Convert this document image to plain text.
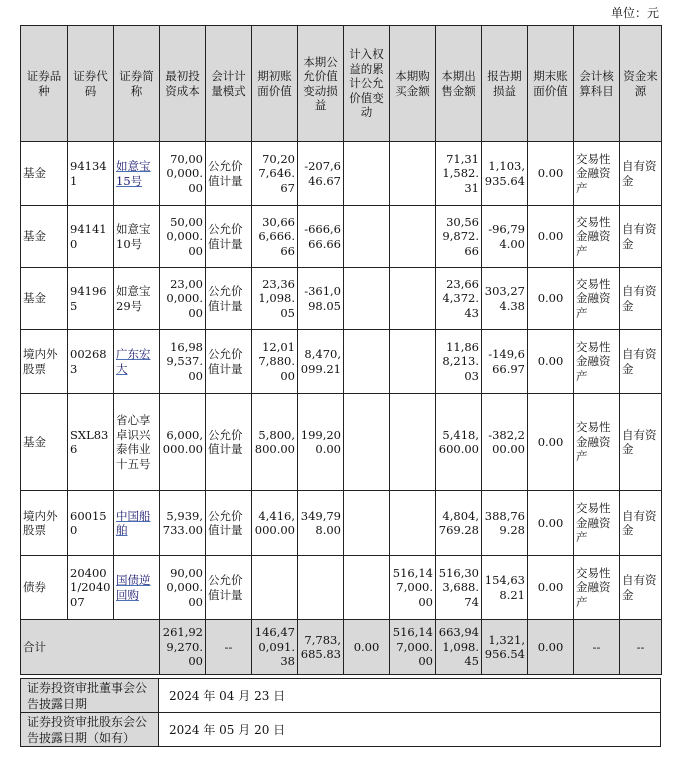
单位：元
证券品种	证券代码	证券简称	最初投资成本	会计计量模式	期初账面价值	本期公允价值变动损益	计入权益的累计公允价值变动	本期购买金额	本期出售金额	报告期损益	期末账面价值	会计核算科目	资金来源
基金	941341	如意宝15号	70,000,000.00	公允价值计量	70,207,646.67	-207,646.67			71,311,582.31	1,103,935.64	0.00	交易性金融资产	自有资金
基金	941410	如意宝10号	50,000,000.00	公允价值计量	30,666,666.66	-666,666.66			30,569,872.66	-96,794.00	0.00	交易性金融资产	自有资金
基金	941965	如意宝29号	23,000,000.00	公允价值计量	23,361,098.05	-361,098.05			23,664,372.43	303,274.38	0.00	交易性金融资产	自有资金
境内外股票	002683	广东宏大	16,989,537.00	公允价值计量	12,017,880.00	8,470,099.21			11,868,213.03	-149,666.97	0.00	交易性金融资产	自有资金
基金	SXL836	省心享卓识兴泰伟业十五号	6,000,000.00	公允价值计量	5,800,800.00	199,200.00			5,418,600.00	-382,200.00	0.00	交易性金融资产	自有资金
境内外股票	600150	中国船舶	5,939,733.00	公允价值计量	4,416,000.00	349,798.00			4,804,769.28	388,769.28	0.00	交易性金融资产	自有资金
债券	204001/204007	国债逆回购	90,000,000.00	公允价值计量				516,147,000.00	516,303,688.74	154,638.21	0.00	交易性金融资产	自有资金
合计			261,929,270.00	--	146,470,091.38	7,783,685.83	0.00	516,147,000.00	663,941,098.45	1,321,956.54	0.00	--	--
证券投资审批董事会公告披露日期	2024 年 04 月 23 日
证券投资审批股东会公告披露日期（如有）	2024 年 05 月 20 日
